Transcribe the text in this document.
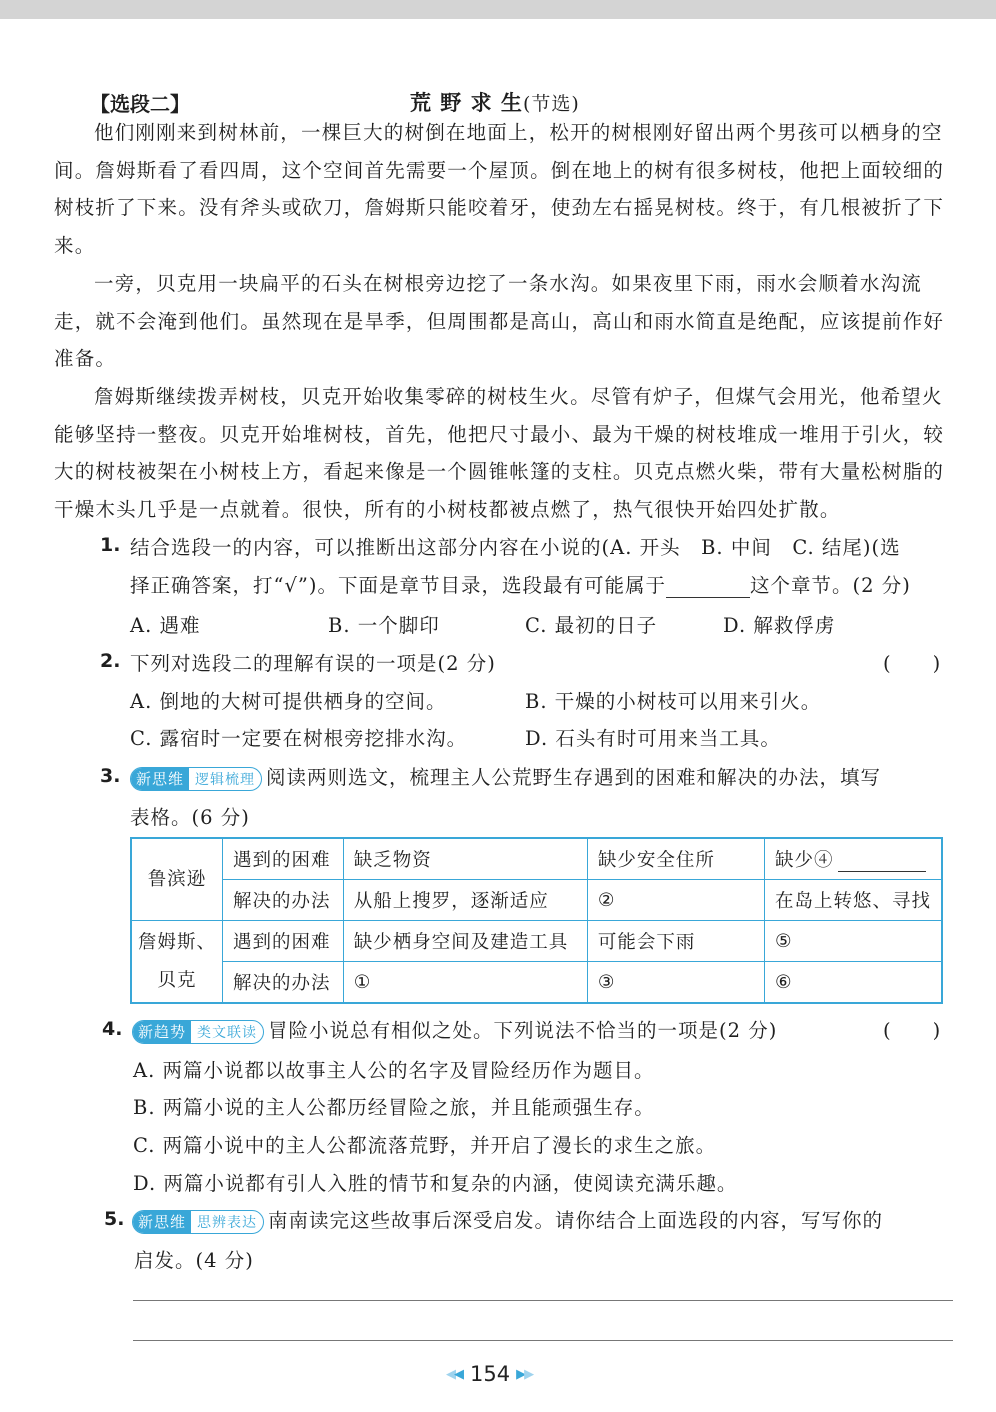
【选段二】	荒 野 求 生(节选)
他们刚刚来到树林前，一棵巨大的树倒在地面上，松开的树根刚好留出两个男孩可以栖身的空间。詹姆斯看了看四周，这个空间首先需要一个屋顶。倒在地上的树有很多树枝，他把上面较细的树枝折了下来。没有斧头或砍刀，詹姆斯只能咬着牙，使劲左右摇晃树枝。终于，有几根被折了下来。
一旁，贝克用一块扁平的石头在树根旁边挖了一条水沟。如果夜里下雨，雨水会顺着水沟流走，就不会淹到他们。虽然现在是旱季，但周围都是高山，高山和雨水简直是绝配，应该提前作好准备。
詹姆斯继续拨弄树枝，贝克开始收集零碎的树枝生火。尽管有炉子，但煤气会用光，他希望火能够坚持一整夜。贝克开始堆树枝，首先，他把尺寸最小、最为干燥的树枝堆成一堆用于引火，较大的树枝被架在小树枝上方，看起来像是一个圆锥帐篷的支柱。贝克点燃火柴，带有大量松树脂的干燥木头几乎是一点就着。很快，所有的小树枝都被点燃了，热气很快开始四处扩散。
1. 结合选段一的内容，可以推断出这部分内容在小说的(A. 开头　B. 中间　C. 结尾)(选
择正确答案，打“√”)。下面是章节目录，选段最有可能属于	这个章节。(2 分)
A. 遇难	B. 一个脚印	C. 最初的日子	D. 解救俘虏
2. 下列对选段二的理解有误的一项是(2 分)	(　　)
A. 倒地的大树可提供栖身的空间。	B. 干燥的小树枝可以用来引火。
C. 露宿时一定要在树根旁挖排水沟。	D. 石头有时可用来当工具。
3.	新思维 逻辑梳理 阅读两则选文，梳理主人公荒野生存遇到的困难和解决的办法，填写
表格。(6 分)
鲁滨逊	遇到的困难	缺乏物资	缺少安全住所	缺少④
	解决的办法	从船上搜罗，逐渐适应	②	在岛上转悠、寻找
詹姆斯、
贝克	遇到的困难	缺少栖身空间及建造工具	可能会下雨	⑤
	解决的办法	①	③	⑥
4.	新趋势 类文联读 冒险小说总有相似之处。下列说法不恰当的一项是(2 分)	(　　)
A. 两篇小说都以故事主人公的名字及冒险经历作为题目。
B. 两篇小说的主人公都历经冒险之旅，并且能顽强生存。
C. 两篇小说中的主人公都流落荒野，并开启了漫长的求生之旅。
D. 两篇小说都有引人入胜的情节和复杂的内涵，使阅读充满乐趣。
5. 新思维 思辨表达 南南读完这些故事后深受启发。请你结合上面选段的内容，写写你的
启发。(4 分)
◀
◀ 154 ▶
▶
